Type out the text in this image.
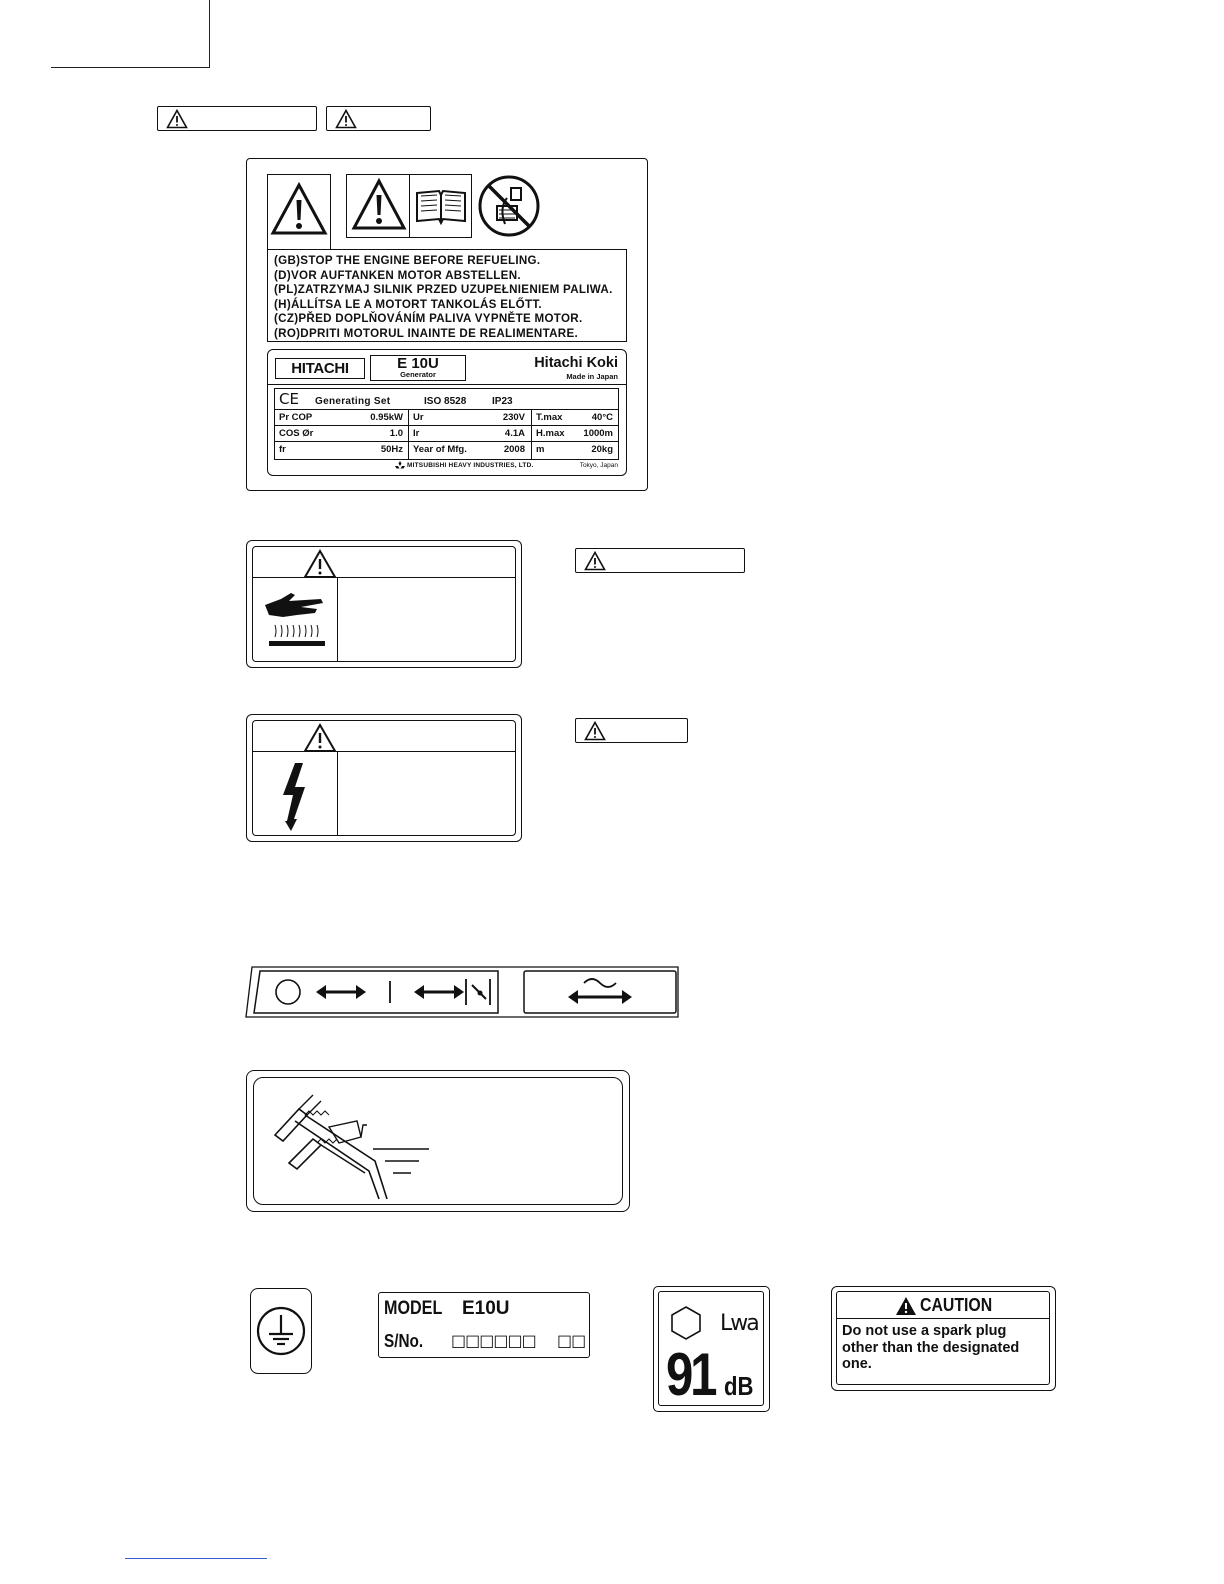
(GB)STOP THE ENGINE BEFORE REFUELING.
(D)VOR AUFTANKEN MOTOR ABSTELLEN.
(PL)ZATRZYMAJ SILNIK PRZED UZUPEŁNIENIEM PALIWA.
(H)ÁLLÍTSA LE A MOTORT TANKOLÁS ELŐTT.
(CZ)PŘED DOPLŇOVÁNÍM PALIVA VYPNĚTE MOTOR.
(RO)DPRITI MOTORUL INAINTE DE REALIMENTARE.
HITACHI	E 10U
Generator
Hitachi Koki
Made in Japan
CE Generating Set	ISO 8528	IP23
Pr COP	0.95kW Ur	230V T.max	40°C
COS Ør	1.0 Ir	4.1A H.max	1000m
fr	50Hz Year of Mfg.	2008 m	20kg
MITSUBISHI HEAVY INDUSTRIES, LTD.	Tokyo, Japan
MODEL E10U
S/No. □□□□□□ □□
Lwa
91 dB
CAUTION
Do not use a spark plug
other than the designated
one.
